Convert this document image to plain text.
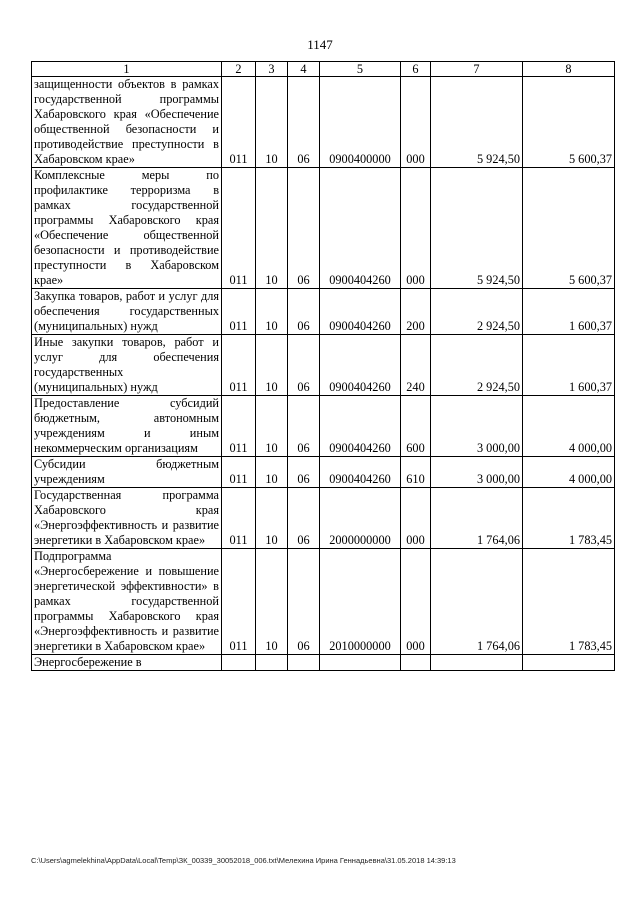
1147
1	2	3	4	5	6	7	8
защищенности объектов в рамках государственной программы Хабаровского края «Обеспечение общественной безопасности и противодействие преступности в Хабаровском крае»	011	10	06	0900400000	000	5 924,50	5 600,37
Комплексные меры по профилактике терроризма в рамках государственной программы Хабаровского края «Обеспечение общественной безопасности и противодействие преступности в Хабаровском крае»	011	10	06	0900404260	000	5 924,50	5 600,37
Закупка товаров, работ и услуг для обеспечения государственных (муниципальных) нужд	011	10	06	0900404260	200	2 924,50	1 600,37
Иные закупки товаров, работ и услуг для обеспечения государственных (муниципальных) нужд	011	10	06	0900404260	240	2 924,50	1 600,37
Предоставление субсидий бюджетным, автономным учреждениям и иным некоммерческим организациям	011	10	06	0900404260	600	3 000,00	4 000,00
Субсидии бюджетным учреждениям	011	10	06	0900404260	610	3 000,00	4 000,00
Государственная программа Хабаровского края «Энергоэффективность и развитие энергетики в Хабаровском крае»	011	10	06	2000000000	000	1 764,06	1 783,45
Подпрограмма «Энергосбережение и повышение энергетической эффективности» в рамках государственной программы Хабаровского края «Энергоэффективность и развитие энергетики в Хабаровском крае»	011	10	06	2010000000	000	1 764,06	1 783,45
Энергосбережение в							
C:\Users\agmelekhina\AppData\Local\Temp\ЗК_00339_30052018_006.txt\Мелехина Ирина Геннадьевна\31.05.2018 14:39:13
